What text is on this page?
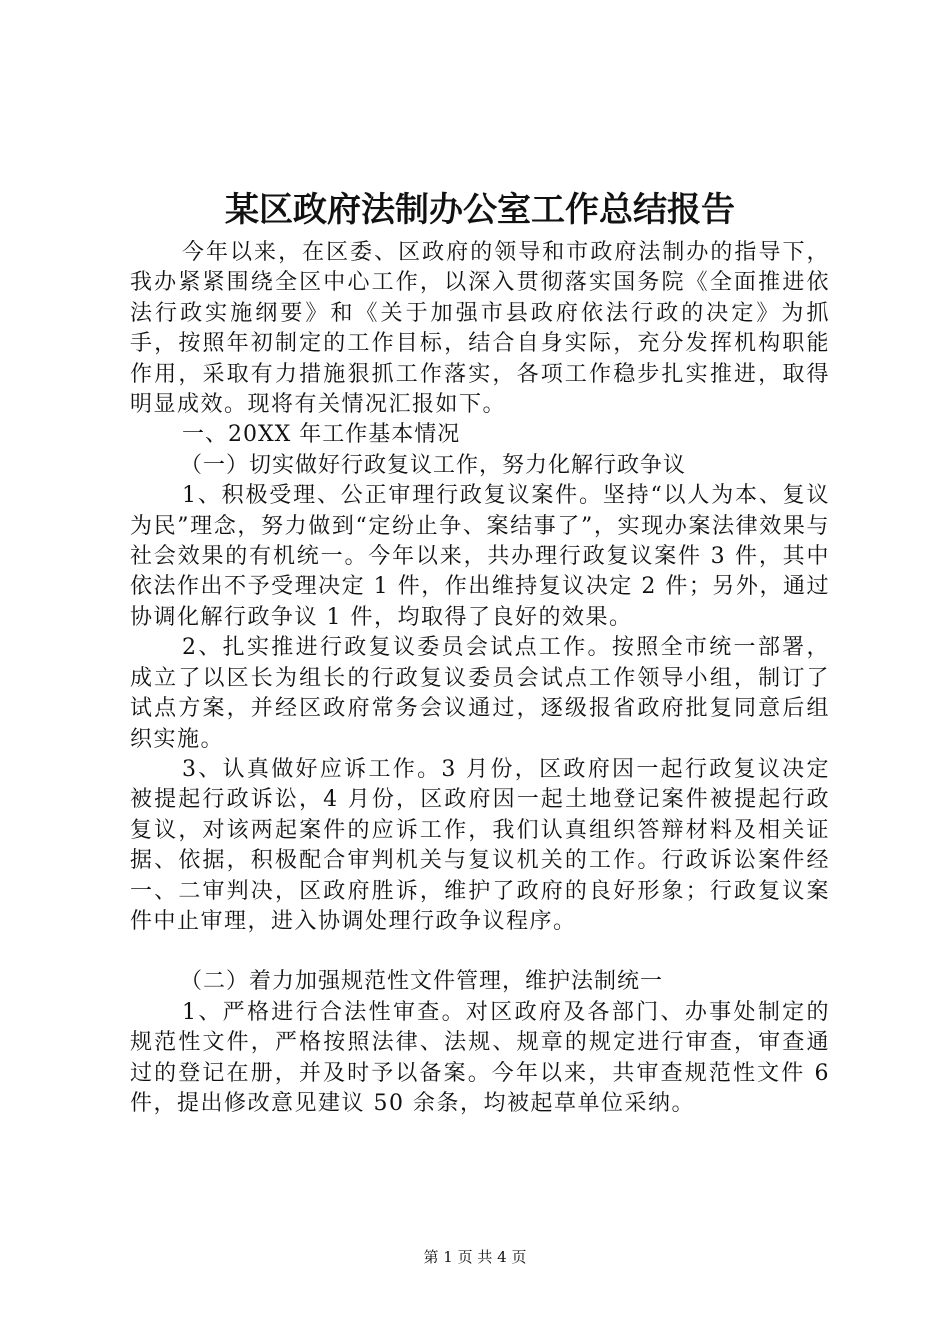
某区政府法制办公室工作总结报告

今年以来，在区委、区政府的领导和市政府法制办的指导下，我办紧紧围绕全区中心工作，以深入贯彻落实国务院《全面推进依法行政实施纲要》和《关于加强市县政府依法行政的决定》为抓手，按照年初制定的工作目标，结合自身实际，充分发挥机构职能作用，采取有力措施狠抓工作落实，各项工作稳步扎实推进，取得明显成效。现将有关情况汇报如下。

一、20XX 年工作基本情况

（一）切实做好行政复议工作，努力化解行政争议

1、积极受理、公正审理行政复议案件。坚持“以人为本、复议为民”理念，努力做到“定纷止争、案结事了”，实现办案法律效果与社会效果的有机统一。今年以来，共办理行政复议案件 3 件，其中依法作出不予受理决定 1 件，作出维持复议决定 2 件；另外，通过协调化解行政争议 1 件，均取得了良好的效果。

2、扎实推进行政复议委员会试点工作。按照全市统一部署，成立了以区长为组长的行政复议委员会试点工作领导小组，制订了试点方案，并经区政府常务会议通过，逐级报省政府批复同意后组织实施。

3、认真做好应诉工作。3 月份，区政府因一起行政复议决定被提起行政诉讼，4 月份，区政府因一起土地登记案件被提起行政复议，对该两起案件的应诉工作，我们认真组织答辩材料及相关证据、依据，积极配合审判机关与复议机关的工作。行政诉讼案件经一、二审判决，区政府胜诉，维护了政府的良好形象；行政复议案件中止审理，进入协调处理行政争议程序。

（二）着力加强规范性文件管理，维护法制统一

1、严格进行合法性审查。对区政府及各部门、办事处制定的规范性文件，严格按照法律、法规、规章的规定进行审查，审查通过的登记在册，并及时予以备案。今年以来，共审查规范性文件 6 件，提出修改意见建议 50 余条，均被起草单位采纳。

第 1 页 共 4 页
